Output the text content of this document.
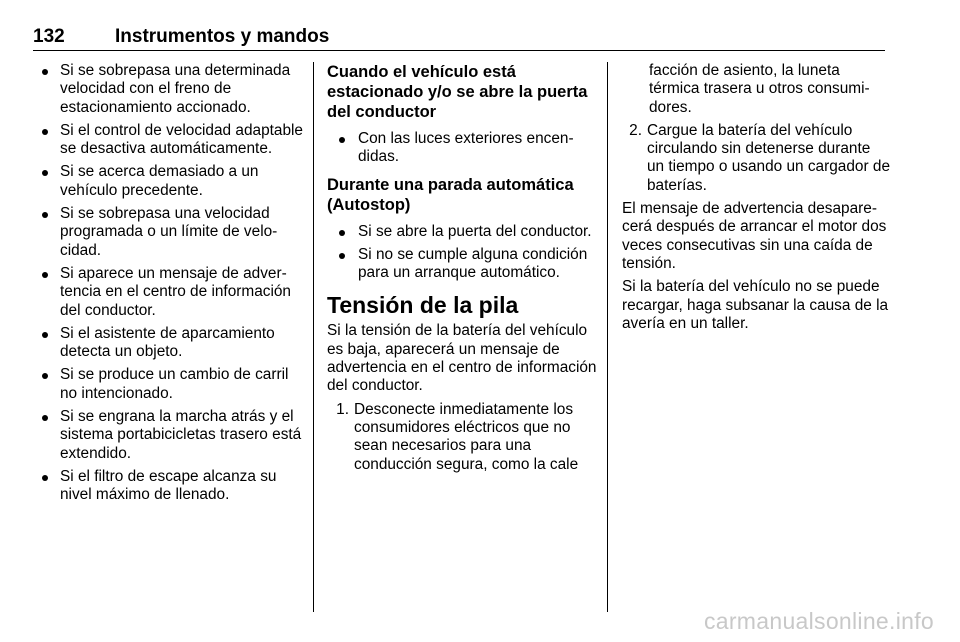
132	Instrumentos y mandos
Si se sobrepasa una determinada velocidad con el freno de estacionamiento accionado.
Si el control de velocidad adaptable se desactiva automáticamente.
Si se acerca demasiado a un vehículo precedente.
Si se sobrepasa una velocidad programada o un límite de velocidad.
Si aparece un mensaje de advertencia en el centro de información del conductor.
Si el asistente de aparcamiento detecta un objeto.
Si se produce un cambio de carril no intencionado.
Si se engrana la marcha atrás y el sistema portabicicletas trasero está extendido.
Si el filtro de escape alcanza su nivel máximo de llenado.
Cuando el vehículo está estacionado y/o se abre la puerta del conductor
Con las luces exteriores encendidas.
Durante una parada automática (Autostop)
Si se abre la puerta del conductor.
Si no se cumple alguna condición para un arranque automático.
Tensión de la pila

Si la tensión de la batería del vehículo es baja, aparecerá un mensaje de advertencia en el centro de información del conductor.

1. Desconecte inmediatamente los consumidores eléctricos que no sean necesarios para una conducción segura, como la cale
facción de asiento, la luneta térmica trasera u otros consumidores.
2. Cargue la batería del vehículo circulando sin detenerse durante un tiempo o usando un cargador de baterías.

El mensaje de advertencia desaparecerá después de arrancar el motor dos veces consecutivas sin una caída de tensión.

Si la batería del vehículo no se puede recargar, haga subsanar la causa de la avería en un taller.

carmanualsonline.info
